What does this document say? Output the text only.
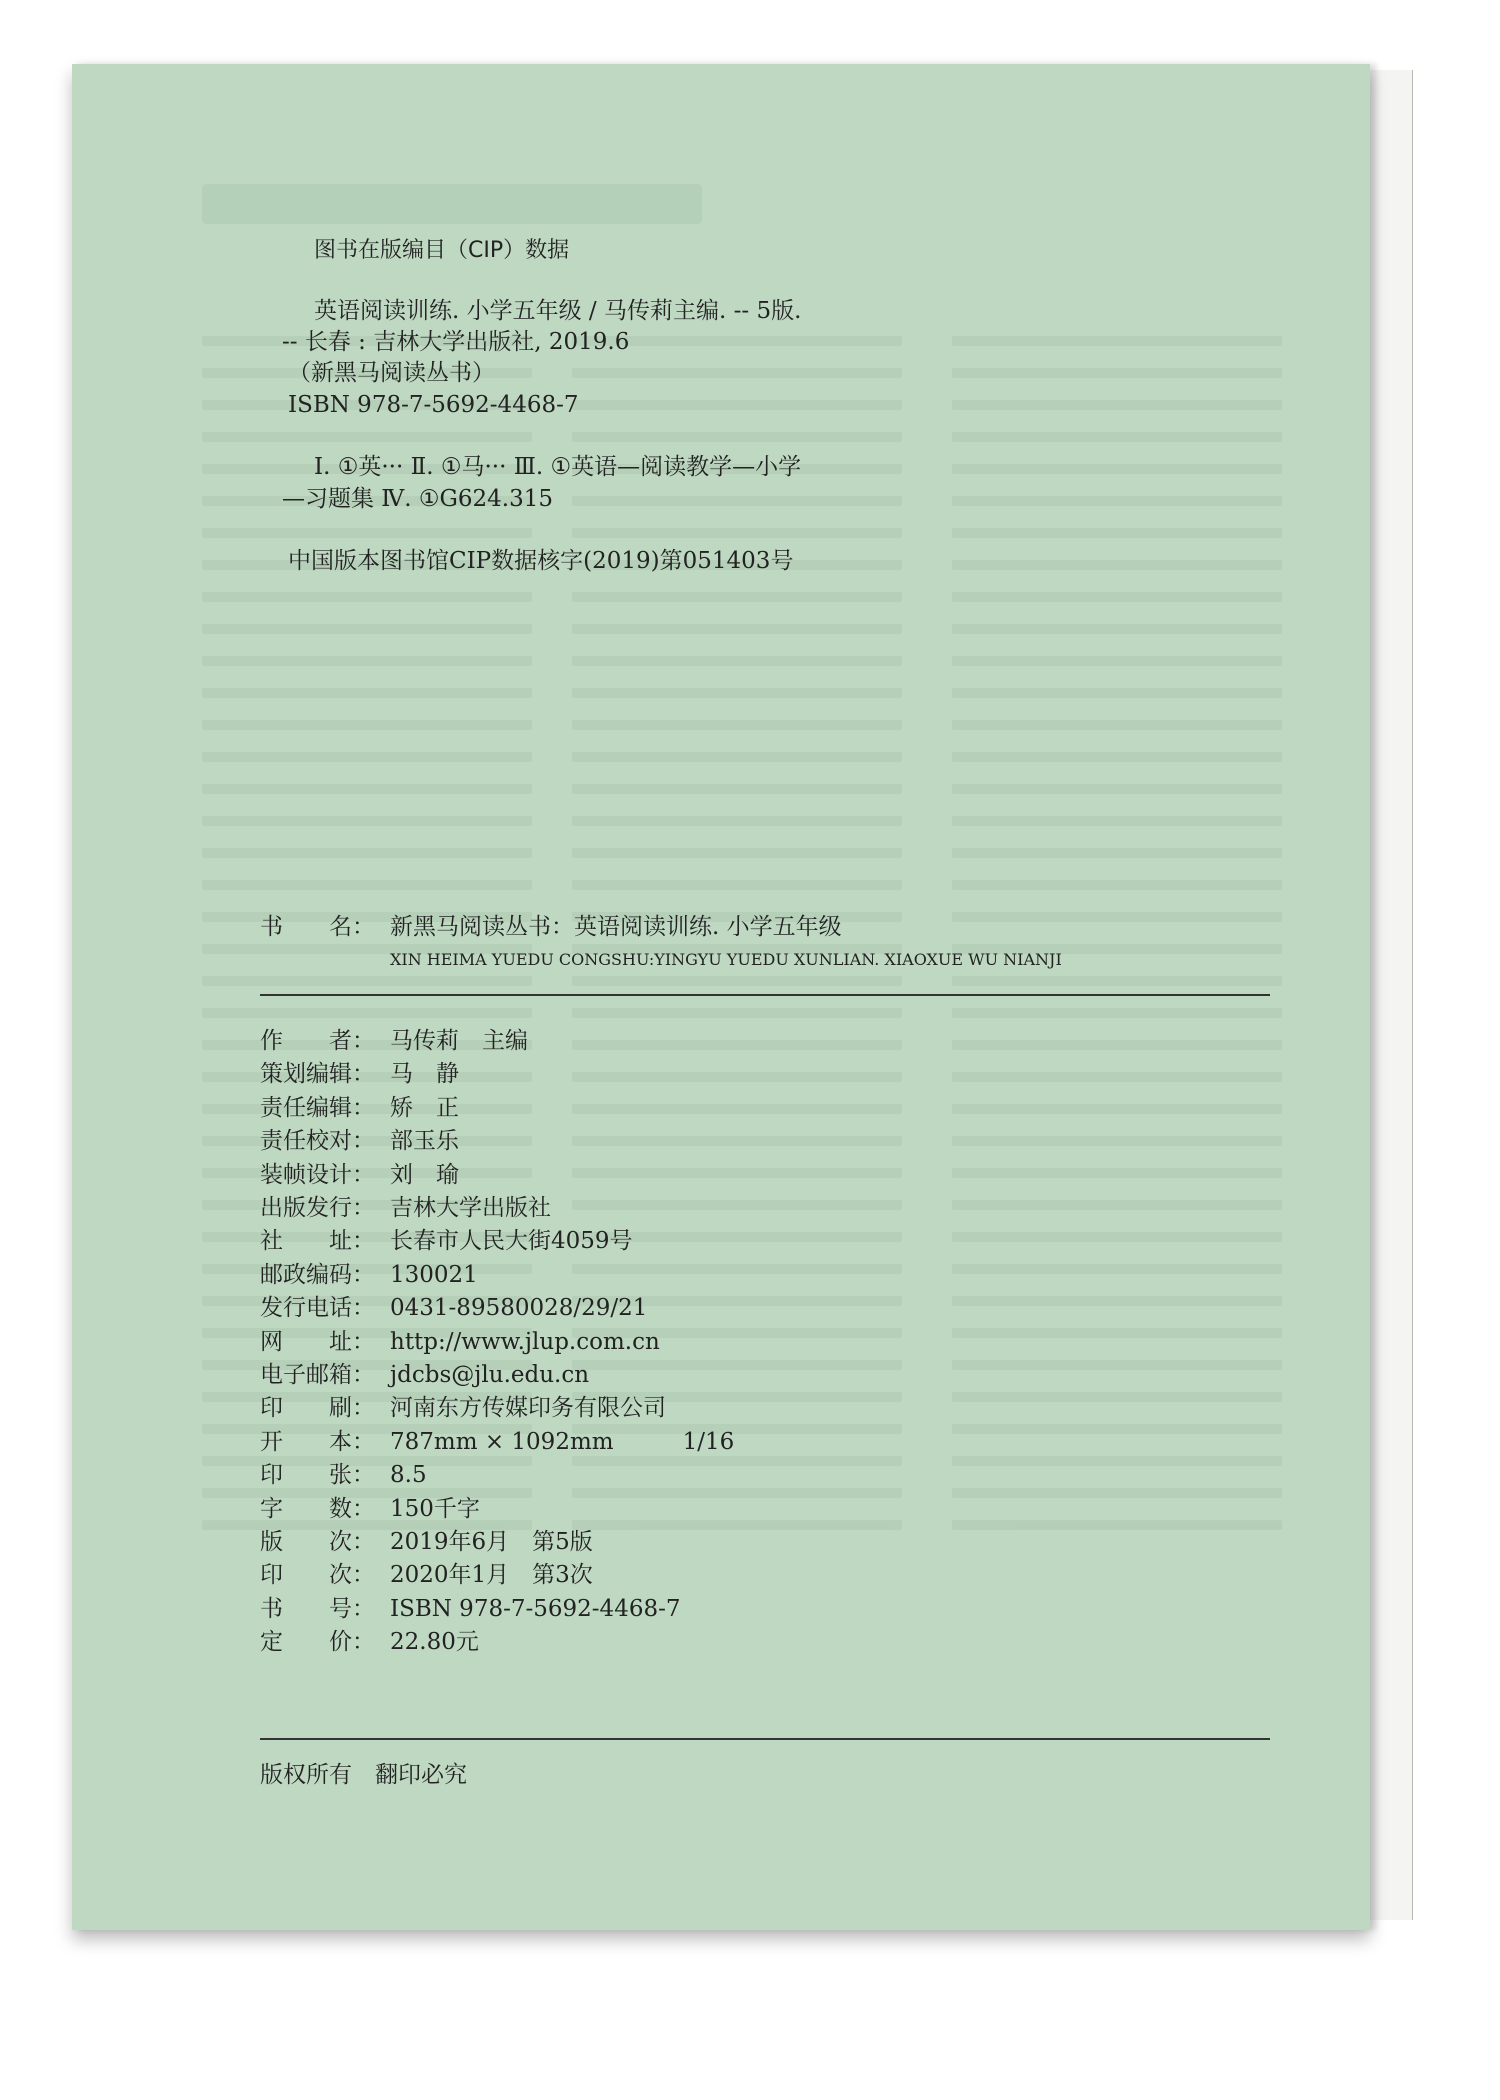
图书在版编目（CIP）数据
英语阅读训练. 小学五年级 / 马传莉主编. -- 5版.
-- 长春 : 吉林大学出版社, 2019.6
（新黑马阅读丛书）
ISBN 978-7-5692-4468-7
Ⅰ. ①英··· Ⅱ. ①马··· Ⅲ. ①英语—阅读教学—小学
—习题集 Ⅳ. ①G624.315
中国版本图书馆CIP数据核字(2019)第051403号
书　　名： 新黑马阅读丛书：英语阅读训练. 小学五年级
XIN HEIMA YUEDU CONGSHU:YINGYU YUEDU XUNLIAN. XIAOXUE WU NIANJI
作　　者： 马传莉　主编
策划编辑： 马　静
责任编辑： 矫　正
责任校对： 部玉乐
装帧设计： 刘　瑜
出版发行： 吉林大学出版社
社　　址： 长春市人民大街4059号
邮政编码： 130021
发行电话： 0431-89580028/29/21
网　　址： http://www.jlup.com.cn
电子邮箱： jdcbs@jlu.edu.cn
印　　刷： 河南东方传媒印务有限公司
开　　本： 787mm × 1092mm　　　1/16
印　　张： 8.5
字　　数： 150千字
版　　次： 2019年6月　第5版
印　　次： 2020年1月　第3次
书　　号： ISBN 978-7-5692-4468-7
定　　价： 22.80元
版权所有　翻印必究
